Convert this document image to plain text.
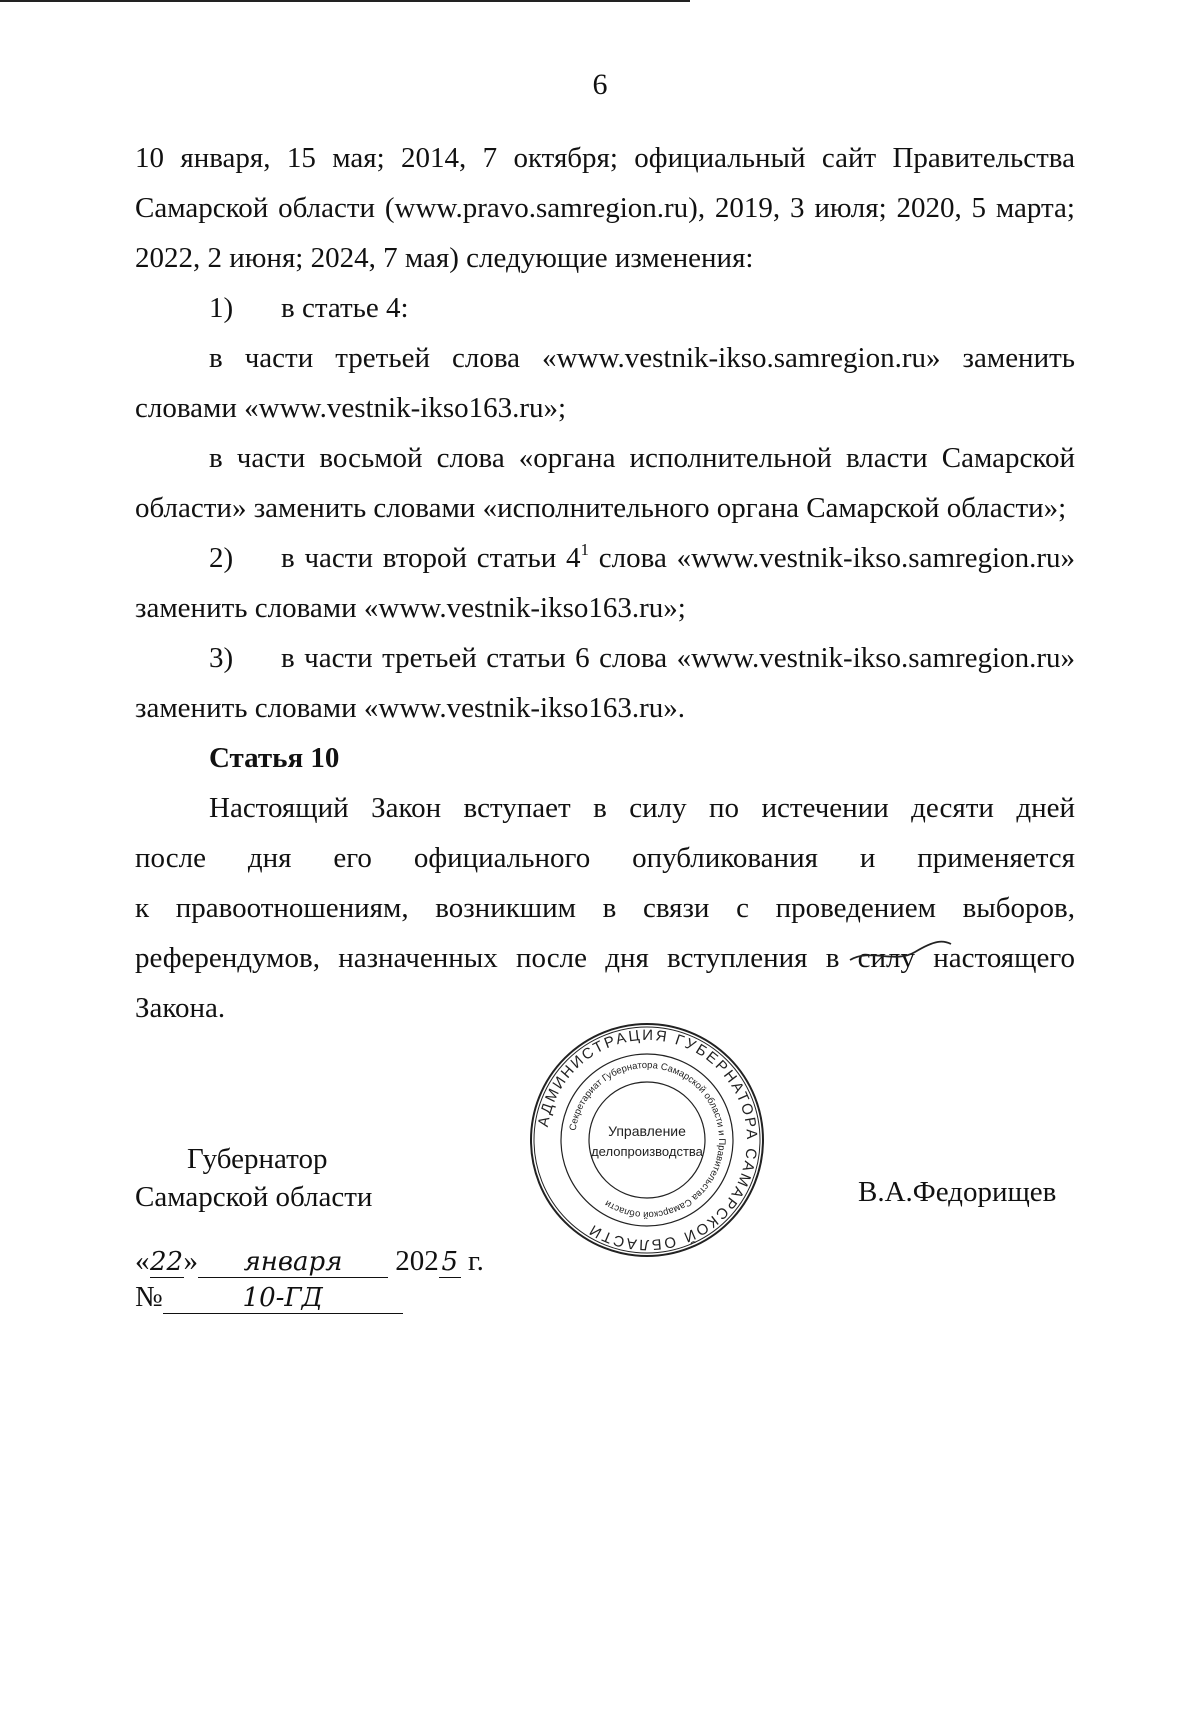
6

10 января, 15 мая; 2014, 7 октября; официальный сайт Правительства

Самарской области (www.pravo.samregion.ru), 2019, 3 июля; 2020, 5 марта;

2022, 2 июня; 2024, 7 мая) следующие изменения:

1)	в статье 4:

в части третьей слова «www.vestnik-ikso.samregion.ru» заменить

словами «www.vestnik-ikso163.ru»;

в части восьмой слова «органа исполнительной власти Самарской

области» заменить словами «исполнительного органа Самарской области»;

2)	в части второй статьи $4^1$ слова «www.vestnik-ikso.samregion.ru»

заменить словами «www.vestnik-ikso163.ru»;

3)	в части третьей статьи 6 слова «www.vestnik-ikso.samregion.ru»

заменить словами «www.vestnik-ikso163.ru».

Статья 10

Настоящий Закон вступает в силу по истечении десяти дней

после дня его официального опубликования и применяется

к правоотношениям, возникшим в связи с проведением выборов,

референдумов, назначенных после дня вступления в силу настоящего

Закона.

АДМИНИСТРАЦИЯ ГУБЕРНАТОРА САМАРСКОЙ ОБЛАСТИ
Секретариат Губернатора Самарской области и Правительства Самарской области
Управление
делопроизводства
Губернатор
Самарской области	В.А.Федорищев
«22» января 202 5 г.
№	10-ГД
